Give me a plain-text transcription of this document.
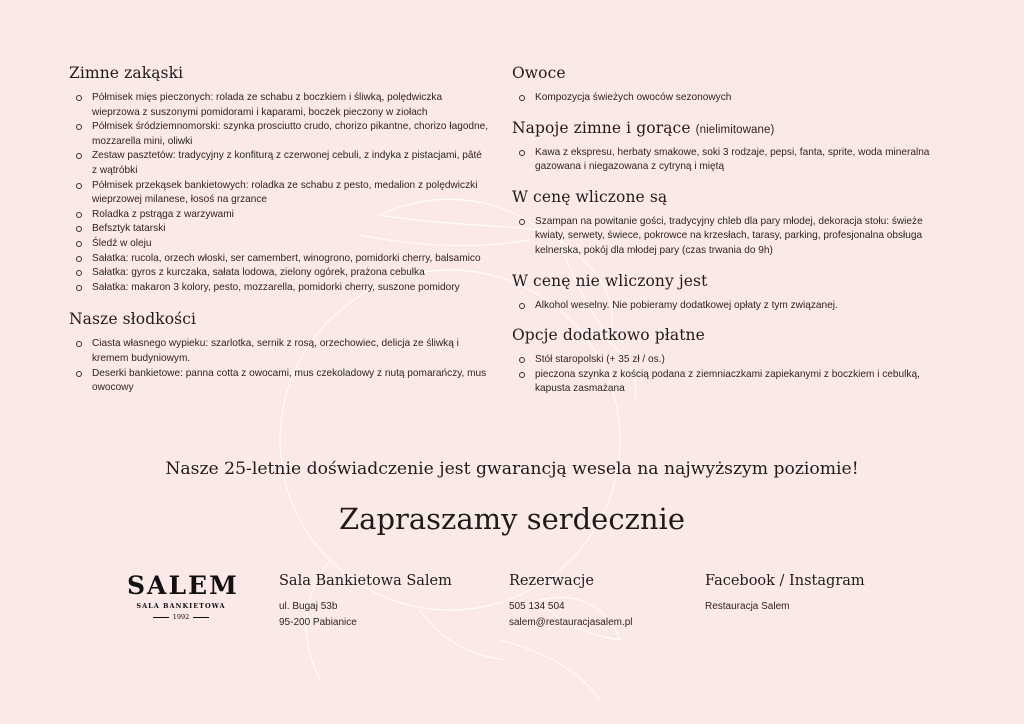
Zimne zakąski
Półmisek mięs pieczonych: rolada ze schabu z boczkiem i śliwką, polędwiczka wieprzowa z suszonymi pomidorami i kaparami, boczek pieczony w ziołach
Półmisek śródziemnomorski: szynka prosciutto crudo, chorizo pikantne, chorizo łagodne, mozzarella mini, oliwki
Zestaw pasztetów: tradycyjny z konfiturą z czerwonej cebuli, z indyka z pistacjami, pâté z wątróbki
Półmisek przekąsek bankietowych: roladka ze schabu z pesto, medalion z polędwiczki wieprzowej milanese, łosoś na grzance
Roladka z pstrąga z warzywami
Befsztyk tatarski
Śledź w oleju
Sałatka: rucola, orzech włoski, ser camembert, winogrono, pomidorki cherry, balsamico
Sałatka: gyros z kurczaka, sałata lodowa, zielony ogórek, prażona cebulka
Sałatka: makaron 3 kolory, pesto, mozzarella, pomidorki cherry, suszone pomidory
Nasze słodkości
Ciasta własnego wypieku: szarlotka, sernik z rosą, orzechowiec, delicja ze śliwką i kremem budyniowym.
Deserki bankietowe: panna cotta z owocami, mus czekoladowy z nutą pomarańczy, mus owocowy
Owoce
Kompozycja świeżych owoców sezonowych
Napoje zimne i gorące (nielimitowane)
Kawa z ekspresu, herbaty smakowe, soki 3 rodzaje, pepsi, fanta, sprite, woda mineralna gazowana i niegazowana z cytryną i miętą
W cenę wliczone są
Szampan na powitanie gości, tradycyjny chleb dla pary młodej, dekoracja stołu: świeże kwiaty, serwety, świece, pokrowce na krzesłach, tarasy, parking, profesjonalna obsługa kelnerska, pokój dla młodej pary (czas trwania do 9h)
W cenę nie wliczony jest
Alkohol weselny. Nie pobieramy dodatkowej opłaty z tym związanej.
Opcje dodatkowo płatne
Stół staropolski (+ 35 zł / os.)
pieczona szynka z kością podana z ziemniaczkami zapiekanymi z boczkiem i cebulką, kapusta zasmażana
Nasze 25-letnie doświadczenie jest gwarancją wesela na najwyższym poziomie!
Zapraszamy serdecznie
SALEM
SALA BANKIETOWA
1992
Sala Bankietowa Salem
ul. Bugaj 53b
95-200 Pabianice
Rezerwacje
505 134 504
salem@restauracjasalem.pl
Facebook / Instagram
Restauracja Salem
